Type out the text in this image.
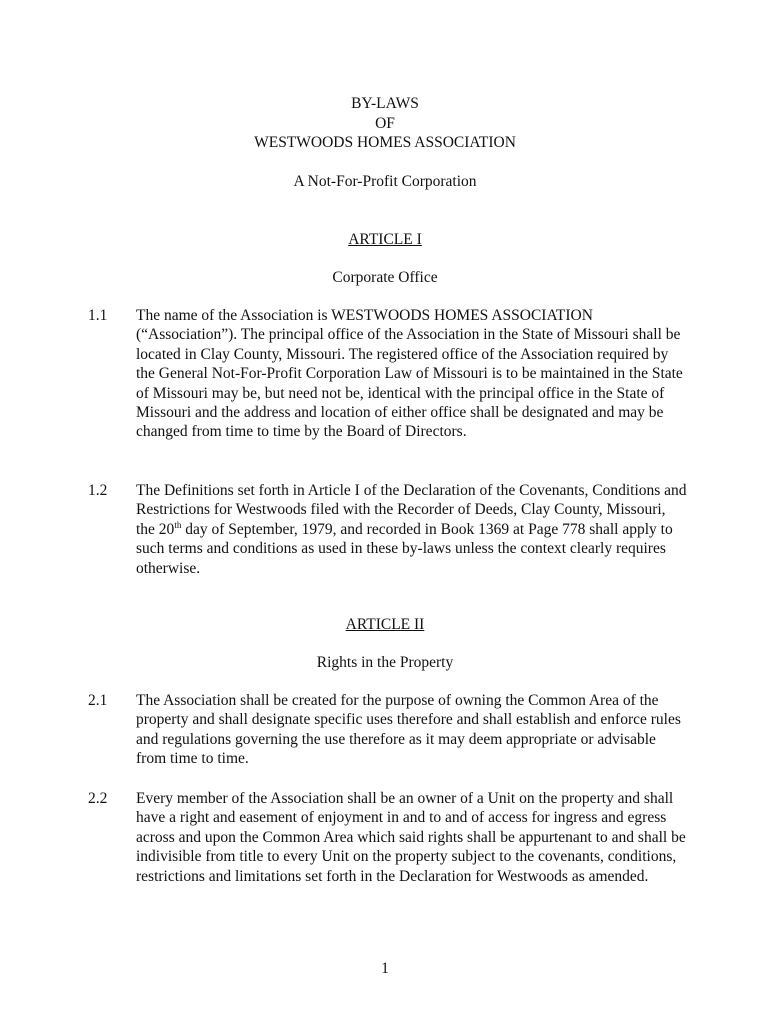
BY-LAWS
OF
WESTWOODS HOMES ASSOCIATION
A Not-For-Profit Corporation
ARTICLE I
Corporate Office
1.1 The name of the Association is WESTWOODS HOMES ASSOCIATION (“Association”). The principal office of the Association in the State of Missouri shall be located in Clay County, Missouri. The registered office of the Association required by the General Not-For-Profit Corporation Law of Missouri is to be maintained in the State of Missouri may be, but need not be, identical with the principal office in the State of Missouri and the address and location of either office shall be designated and may be changed from time to time by the Board of Directors.
1.2 The Definitions set forth in Article I of the Declaration of the Covenants, Conditions and Restrictions for Westwoods filed with the Recorder of Deeds, Clay County, Missouri, the 20th day of September, 1979, and recorded in Book 1369 at Page 778 shall apply to such terms and conditions as used in these by-laws unless the context clearly requires otherwise.
ARTICLE II
Rights in the Property
2.1 The Association shall be created for the purpose of owning the Common Area of the property and shall designate specific uses therefore and shall establish and enforce rules and regulations governing the use therefore as it may deem appropriate or advisable from time to time.
2.2 Every member of the Association shall be an owner of a Unit on the property and shall have a right and easement of enjoyment in and to and of access for ingress and egress across and upon the Common Area which said rights shall be appurtenant to and shall be indivisible from title to every Unit on the property subject to the covenants, conditions, restrictions and limitations set forth in the Declaration for Westwoods as amended.
1
